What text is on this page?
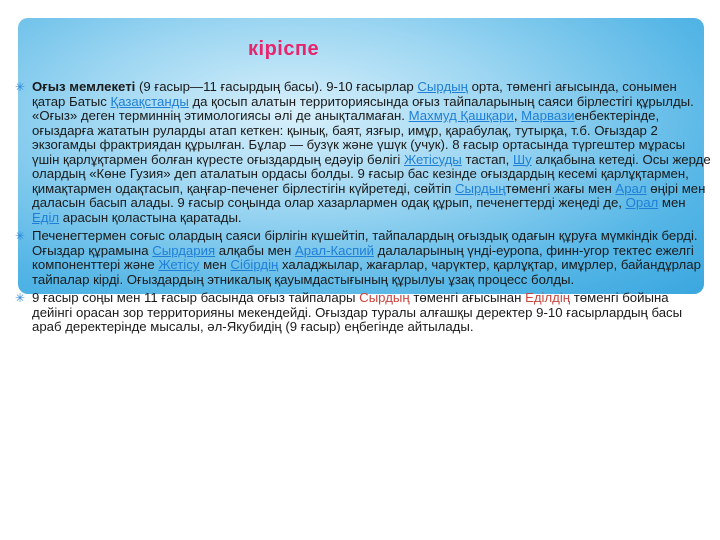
кіріспе
✳ Оғыз мемлекеті (9 ғасыр—11 ғасырдың басы). 9-10 ғасырлар Сырдың орта, төменгі ағысында, сонымен қатар Батыс Қазақстанды да қосып алатын территориясында оғыз тайпаларының саяси бірлестігі құрылды. «Оғыз» деген терминнің этимологиясы әлі де анықталмаған. Махмуд Қашқари, Марвазиенбектерінде, оғыздарға жататын руларды атап кеткен: қынық, баят, язғыр, имұр, қарабулақ, тутырқа, т.б. Оғыздар 2 экзогамды фрактриядан құрылған. Бұлар — бузүк және үшүк (учук). 8 ғасыр ортасында түргештер мұрасы үшін қарлұқтармен болған күресте оғыздардың едәуір бөлігі Жетісуды тастап, Шу алқабына кетеді. Осы жерде олардың «Көне Гузия» деп аталатын ордасы болды. 9 ғасыр бас кезінде оғыздардың кесемі қарлұқтармен, қимақтармен одақтасып, қаңғар-печенег бірлестігін күйретеді, сөйтіп Сырдыңтөменгі жағы мен Арал өңірі мен даласын басып алады. 9 ғасыр соңында олар хазарлармен одақ құрып, печенегтерді жеңеді де, Орал мен Еділ арасын қоластына қаратады.
✳ Печенегтермен соғыс олардың саяси бірлігін күшейтіп, тайпалардың оғыздық одағын құруға мүмкіндік берді. Оғыздар құрамына Сырдария алқабы мен Арал-Каспий далаларының үнді-еуропа, финн-угор тектес ежелгі компоненттері және Жетісу мен Сібірдің халаджылар, жағарлар, чарүктер, қарлұқтар, имұрлер, байандұрлар тайпалар кірді. Оғыздардың этникалық қауымдастығының құрылуы ұзақ процесс болды.
✳ 9 ғасыр соңы мен 11 ғасыр басында оғыз тайпалары Сырдың төменгі ағысынан Еділдің төменгі бойына дейінгі орасан зор территорияны мекендейді. Оғыздар туралы алғашқы деректер 9-10 ғасырлардың басы араб деректерінде мысалы, әл-Якубидің (9 ғасыр) еңбегінде айтылады.
